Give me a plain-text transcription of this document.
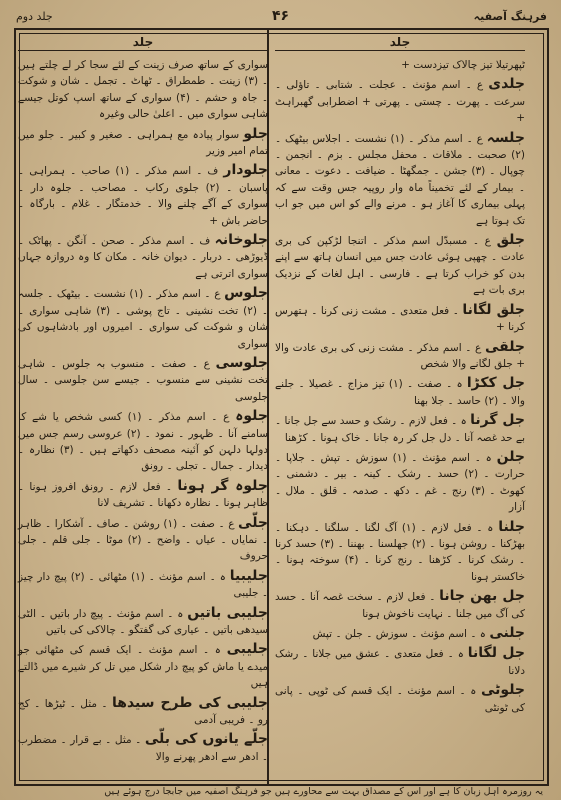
فرہنگ آصفیہ
۴۶
جلد دوم
جلد
ٹپھرتیلا تیز چالاک تیزدست +
جلدی ع ۔ اسم مؤنث ۔ عجلت ۔ شتابی ۔ تاؤلی ۔ سرعت ۔ پھرت ۔ چستی ۔ پھرتی + اضطرابی گھبراہٹ +
جلسہ ع ۔ اسم مذکر ۔ (۱) نشست ۔ اجلاس بیٹھک ۔ (۲) صحبت ۔ ملاقات ۔ محفل مجلس ۔ بزم ۔ انجمن ۔ چوپال ۔ (۳) جشن ۔ جمگھٹا ۔ ضیافت ۔ دعوت ۔ معانی ۔ بیمار کے لئے تخمیناً ماہ وار روپیہ جس وقت سے کہ پہلی بیماری کا آغاز ہو ۔ مرنے والے کو اس میں جو اب تک ہوتا ہے
جلق ع ۔ مسبدّل اسم مذکر ۔ اتنجا لڑکپن کی بری عادت ۔ چھپی ہوئی عادت جس میں انسان ہاتھ سے اپنے بدن کو خراب کرتا ہے ۔ فارسی ۔ اہل لغات کے نزدیک بری بات ہے
جلق لگانا ۔ فعل متعدی ۔ مشت زنی کرنا ۔ ہتھرس کرنا +
جلقی ع ۔ اسم مذکر ۔ مشت زنی کی بری عادت والا + جلق لگانے والا شخص
جل ککڑا ہ ۔ صفت ۔ (۱) تیز مزاج ۔ غصیلا ۔ جلنے والا ۔ (۲) حاسد ۔ جلا بھنا
جل گرنا ہ ۔ فعل لازم ۔ رشک و حسد سے جل جانا ۔ بے حد غصہ آنا ۔ دل جل کر رہ جانا ۔ خاک ہونا ۔ کڑھنا
جلن ہ ۔ اسم مؤنث ۔ (۱) سوزش ۔ تپش ۔ جلاپا ۔ حرارت ۔ (۲) حسد ۔ رشک ۔ کینہ ۔ بیر ۔ دشمنی ۔ کھوٹ ۔ (۳) رنج ۔ غم ۔ دکھ ۔ صدمہ ۔ قلق ۔ ملال ۔ آزار
جلنا ہ ۔ فعل لازم ۔ (۱) آگ لگنا ۔ سلگنا ۔ دہکنا ۔ بھڑکنا ۔ روشن ہونا ۔ (۲) جھلسنا ۔ بھننا ۔ (۳) حسد کرنا ۔ رشک کرنا ۔ کڑھنا ۔ رنج کرنا ۔ (۴) سوختہ ہونا ۔ خاکستر ہونا
جل بھن جانا ۔ فعل لازم ۔ سخت غصہ آنا ۔ حسد کی آگ میں جلنا ۔ نہایت ناخوش ہونا
جلنی ہ ۔ اسم مؤنث ۔ سوزش ۔ جلن ۔ تپش
جل لگانا ہ ۔ فعل متعدی ۔ عشق میں جلانا ۔ رشک دلانا
جلوٹی ہ ۔ اسم مؤنث ۔ ایک قسم کی ٹوپی ۔ پانی کی ٹونٹی
جلد
سواری کے ساتھ صرف زینت کے لئے سجا کر لے چلتے ہیں ۔ (۳) زینت ۔ طمطراق ۔ ٹھاٹ ۔ تجمل ۔ شان و شوکت ۔ جاہ و حشم ۔ (۴) سواری کے ساتھ اسپ کوتل جیسے شاہی سواری میں ۔ اعلیٰ حالی وغیرہ
جلو سوار پیادہ مع ہمراہی ۔ صغیر و کبیر ۔ جلو میں تمام امیر وزیر
جلودار ف ۔ اسم مذکر ۔ (۱) صاحب ۔ ہمراہی ۔ پاسبان ۔ (۲) جلوی رکاب ۔ مصاحب ۔ جلوہ دار ۔ سواری کے آگے چلنے والا ۔ خدمتگار ۔ غلام ۔ بارگاہ ۔ حاضر باش +
جلوخانہ ف ۔ اسم مذکر ۔ صحن ۔ آنگن ۔ پھاٹک ۔ ڈیوڑھی ۔ دربار ۔ دیوان خانہ ۔ مکان کا وہ دروازہ جہاں سواری اترتی ہے
جلوس ع ۔ اسم مذکر ۔ (۱) نشست ۔ بیٹھک ۔ جلسہ ۔ (۲) تخت نشینی ۔ تاج پوشی ۔ (۳) شاہی سواری ۔ شان و شوکت کی سواری ۔ امیروں اور بادشاہوں کی سواری
جلوسی ع ۔ صفت ۔ منسوب بہ جلوس ۔ شاہی تخت نشینی سے منسوب ۔ جیسے سن جلوسی ۔ سال جلوسی
جلوہ ع ۔ اسم مذکر ۔ (۱) کسی شخص یا شے کا سامنے آنا ۔ ظہور ۔ نمود ۔ (۲) عروسی رسم جس میں دولہا دلہن کو آئینہ مصحف دکھاتے ہیں ۔ (۳) نظارہ ۔ دیدار ۔ جمال ۔ تجلی ۔ رونق
جلوہ گر ہونا ۔ فعل لازم ۔ رونق افروز ہونا ۔ ظاہر ہونا ۔ نظارہ دکھانا ۔ تشریف لانا
جلّی ع ۔ صفت ۔ (۱) روشن ۔ صاف ۔ آشکارا ۔ ظاہر ۔ نمایاں ۔ عیاں ۔ واضح ۔ (۲) موٹا ۔ جلی قلم ۔ جلی حروف
جلیبیا ہ ۔ اسم مؤنث ۔ (۱) مٹھائی ۔ (۲) پیچ دار چیز ۔ جلیبی
جلیبی باتیں ہ ۔ اسم مؤنث ۔ پیچ دار باتیں ۔ الٹی سیدھی باتیں ۔ عیاری کی گفتگو ۔ چالاکی کی باتیں
جلیبی ہ ۔ اسم مؤنث ۔ ایک قسم کی مٹھائی جو میدے یا ماش کو پیچ دار شکل میں تل کر شیرے میں ڈالتے ہیں
جلیبی کی طرح سیدھا ۔ مثل ۔ ٹیڑھا ۔ کج رو ۔ فریبی آدمی
جلّے یانوں کی بلّی ۔ مثل ۔ بے قرار ۔ مضطرب ۔ ادھر سے ادھر پھرنے والا
یہ روزمرہ اہل زبان کا ہے اور اس کے مصداق بہت سے محاورے ہیں جو فرہنگ آصفیہ میں جابجا درج ہوئے ہیں
